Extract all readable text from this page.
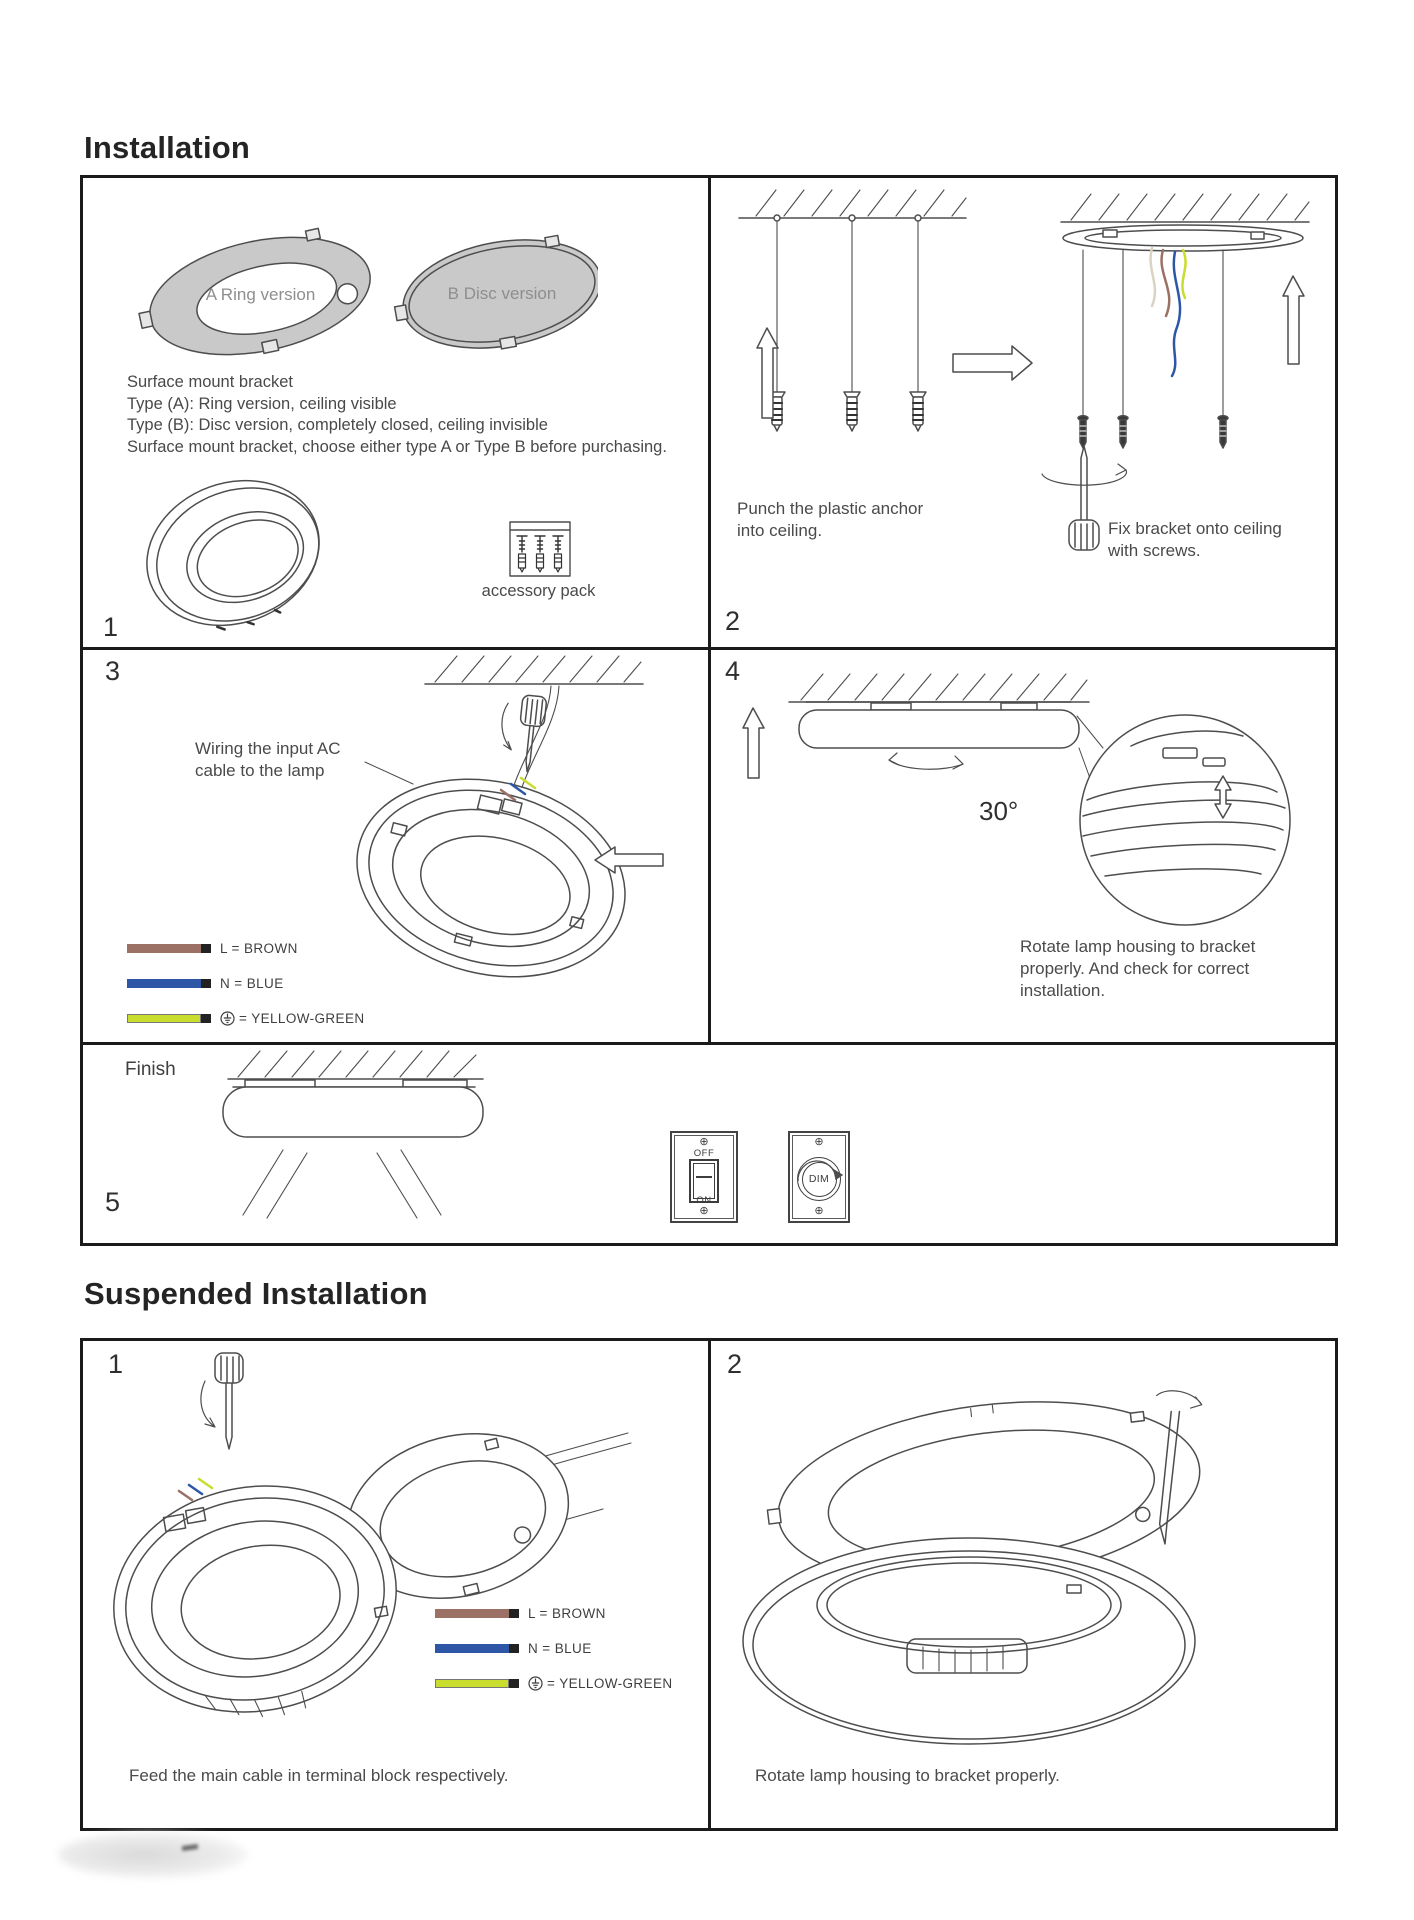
Installation
A Ring version	B Disc version
Surface mount bracket
Type (A): Ring version, ceiling visible
Type (B): Disc version, completely closed, ceiling invisible
Surface mount bracket, choose either type A or Type B before purchasing.
accessory pack
1
Punch the plastic anchor
into ceiling.	Fix bracket onto ceiling
with screws.
2
Wiring the input AC
cable to the lamp
L = BROWN
N = BLUE
= YELLOW-GREEN
3
30°
Rotate lamp housing to bracket
properly. And check for correct
installation.
4
Finish
⊕
OFF
ON
⊕
⊕
DIM
⊕
5
Suspended Installation
L = BROWN
N = BLUE
= YELLOW-GREEN
Feed the main cable in terminal block respectively.
1
Rotate lamp housing to bracket properly.
2
